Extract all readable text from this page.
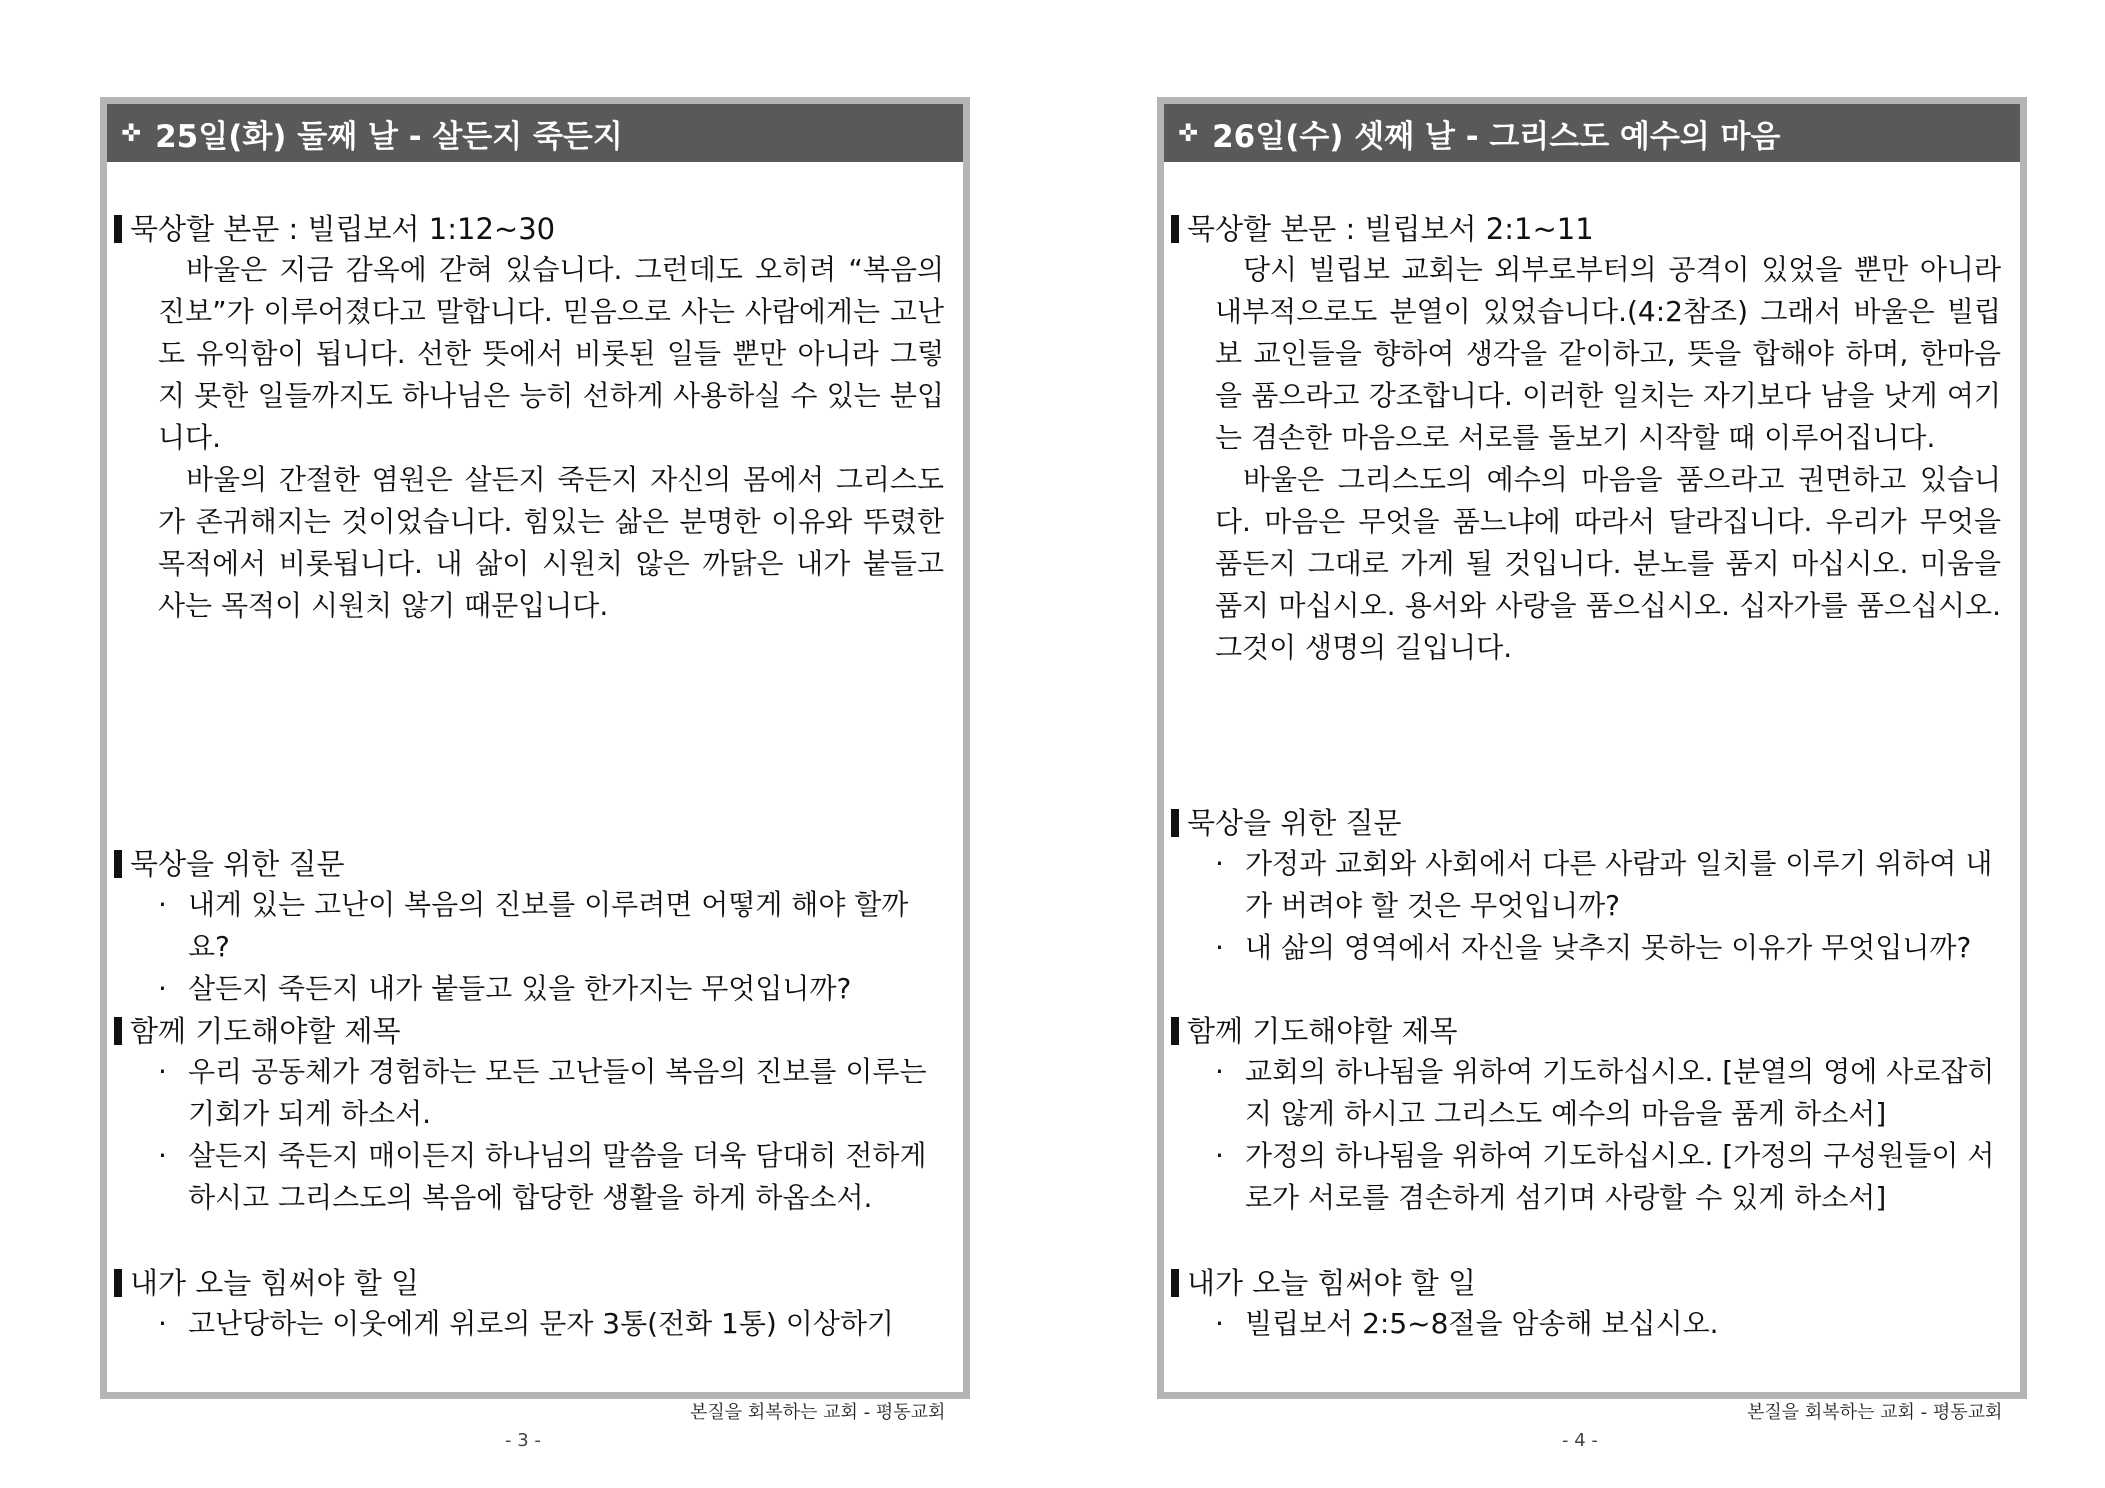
✜ 25일(화) 둘째 날 - 살든지 죽든지
묵상할 본문 : 빌립보서 1:12~30

바울은 지금 감옥에 갇혀 있습니다. 그런데도 오히려 “복음의 진보”가 이루어졌다고 말합니다. 믿음으로 사는 사람에게는 고난도 유익함이 됩니다. 선한 뜻에서 비롯된 일들 뿐만 아니라 그렇지 못한 일들까지도 하나님은 능히 선하게 사용하실 수 있는 분입니다.

바울의 간절한 염원은 살든지 죽든지 자신의 몸에서 그리스도가 존귀해지는 것이었습니다. 힘있는 삶은 분명한 이유와 뚜렸한 목적에서 비롯됩니다. 내 삶이 시원치 않은 까닭은 내가 붙들고 사는 목적이 시원치 않기 때문입니다.

묵상을 위한 질문
· 내게 있는 고난이 복음의 진보를 이루려면 어떻게 해야 할까요?
· 살든지 죽든지 내가 붙들고 있을 한가지는 무엇입니까?
함께 기도해야할 제목
· 우리 공동체가 경험하는 모든 고난들이 복음의 진보를 이루는 기회가 되게 하소서.
· 살든지 죽든지 매이든지 하나님의 말씀을 더욱 담대히 전하게 하시고 그리스도의 복음에 합당한 생활을 하게 하옵소서.
내가 오늘 힘써야 할 일
· 고난당하는 이웃에게 위로의 문자 3통(전화 1통) 이상하기
본질을 회복하는 교회 - 평동교회
- 3 -
✜ 26일(수) 셋째 날 - 그리스도 예수의 마음
묵상할 본문 : 빌립보서 2:1~11

당시 빌립보 교회는 외부로부터의 공격이 있었을 뿐만 아니라 내부적으로도 분열이 있었습니다.(4:2참조) 그래서 바울은 빌립보 교인들을 향하여 생각을 같이하고, 뜻을 합해야 하며, 한마음을 품으라고 강조합니다. 이러한 일치는 자기보다 남을 낫게 여기는 겸손한 마음으로 서로를 돌보기 시작할 때 이루어집니다.

바울은 그리스도의 예수의 마음을 품으라고 권면하고 있습니다. 마음은 무엇을 품느냐에 따라서 달라집니다. 우리가 무엇을 품든지 그대로 가게 될 것입니다. 분노를 품지 마십시오. 미움을 품지 마십시오. 용서와 사랑을 품으십시오. 십자가를 품으십시오. 그것이 생명의 길입니다.

묵상을 위한 질문
· 가정과 교회와 사회에서 다른 사람과 일치를 이루기 위하여 내가 버려야 할 것은 무엇입니까?
· 내 삶의 영역에서 자신을 낮추지 못하는 이유가 무엇입니까?
함께 기도해야할 제목
· 교회의 하나됨을 위하여 기도하십시오. [분열의 영에 사로잡히지 않게 하시고 그리스도 예수의 마음을 품게 하소서]
· 가정의 하나됨을 위하여 기도하십시오. [가정의 구성원들이 서로가 서로를 겸손하게 섬기며 사랑할 수 있게 하소서]
내가 오늘 힘써야 할 일
· 빌립보서 2:5~8절을 암송해 보십시오.
본질을 회복하는 교회 - 평동교회
- 4 -
